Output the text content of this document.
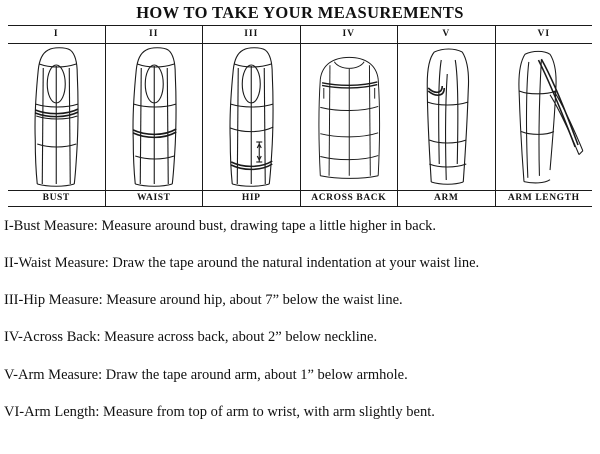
HOW TO TAKE YOUR MEASUREMENTS
I
BUST
II
WAIST
III
HIP
IV
ACROSS BACK
V
ARM
VI
ARM LENGTH

I-Bust Measure: Measure around bust, drawing tape a little higher in back.

II-Waist Measure: Draw the tape around the natural indentation at your waist line.

III-Hip Measure: Measure around hip, about 7” below the waist line.

IV-Across Back: Measure across back, about 2” below neckline.

V-Arm Measure: Draw the tape around arm, about 1” below armhole.

VI-Arm Length: Measure from top of arm to wrist, with arm slightly bent.
